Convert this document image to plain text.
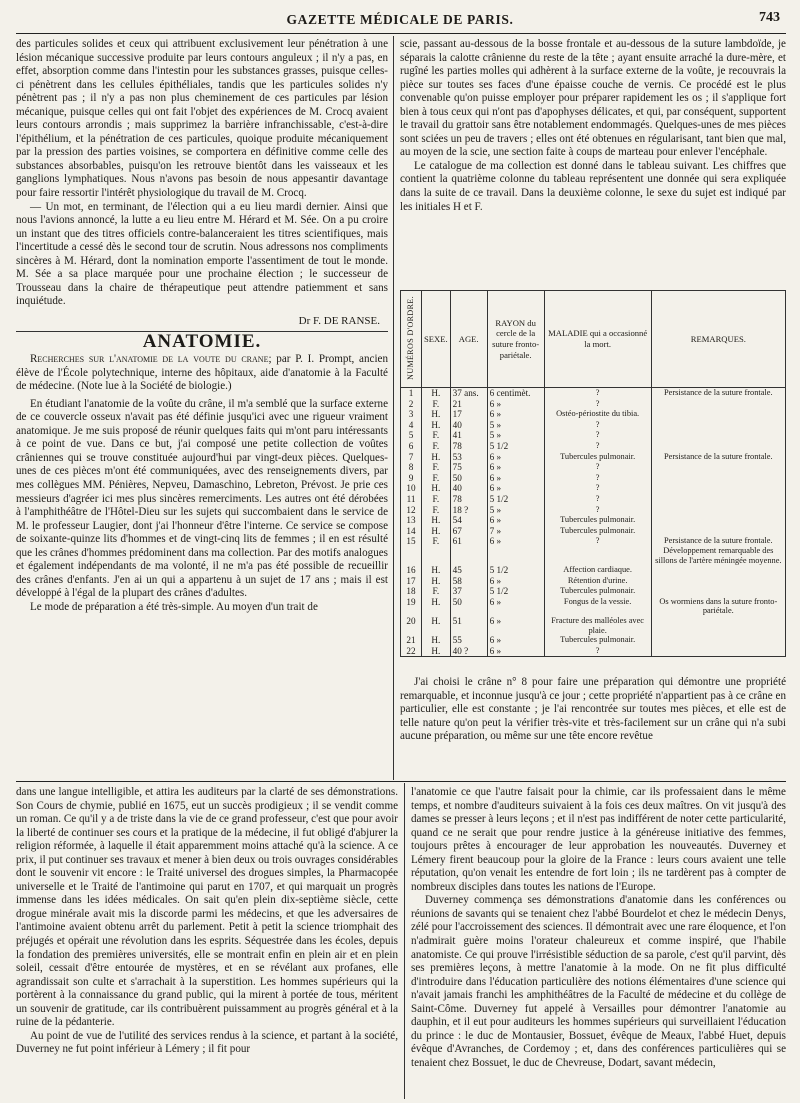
GAZETTE MÉDICALE DE PARIS.	743

des particules solides et ceux qui attribuent exclusivement leur pénétration à une lésion mécanique successive produite par leurs contours anguleux ; il n'y a pas, en effet, absorption comme dans l'intestin pour les substances grasses, puisque celles-ci pénètrent dans les cellules épithéliales, tandis que les particules solides n'y pénètrent pas ; il n'y a pas non plus cheminement de ces particules par lésion mécanique, puisque celles qui ont fait l'objet des expériences de M. Crocq avaient leurs contours arrondis ; mais supprimez la barrière infranchissable, c'est-à-dire l'épithélium, et la pénétration de ces particules, quoique produite mécaniquement par la pression des parties voisines, se comportera en définitive comme celle des substances absorbables, puisqu'on les retrouve bientôt dans les vaisseaux et les ganglions lymphatiques. Nous n'avons pas besoin de nous appesantir davantage pour faire ressortir l'intérêt physiologique du travail de M. Crocq.

— Un mot, en terminant, de l'élection qui a eu lieu mardi dernier. Ainsi que nous l'avions annoncé, la lutte a eu lieu entre M. Hérard et M. Sée. On a pu croire un instant que des titres officiels contre-balanceraient les titres scientifiques, mais l'incertitude a cessé dès le second tour de scrutin. Nous adressons nos compliments sincères à M. Hérard, dont la nomination emporte l'assentiment de tout le monde. M. Sée a sa place marquée pour une prochaine élection ; le successeur de Trousseau dans la chaire de thérapeutique peut attendre patiemment et sans inquiétude.

Dr F. DE RANSE.

ANATOMIE.

Recherches sur l'anatomie de la voute du crane; par P. I. Prompt, ancien élève de l'École polytechnique, interne des hôpitaux, aide d'anatomie à la Faculté de médecine. (Note lue à la Société de biologie.)

En étudiant l'anatomie de la voûte du crâne, il m'a semblé que la surface externe de ce couvercle osseux n'avait pas été définie jusqu'ici avec une rigueur vraiment anatomique. Je me suis proposé de réunir quelques faits qui m'ont paru intéressants à ce point de vue. Dans ce but, j'ai composé une petite collection de voûtes crâniennes qui se trouve constituée aujourd'hui par vingt-deux pièces. Quelques-unes de ces pièces m'ont été communiquées, avec des renseignements divers, par mes collègues MM. Pénières, Nepveu, Damaschino, Lebreton, Prévost. Je prie ces messieurs d'agréer ici mes plus sincères remerciments. Les autres ont été dérobées à l'amphithéâtre de l'Hôtel-Dieu sur les sujets qui succombaient dans le service de M. le professeur Laugier, dont j'ai l'honneur d'être l'interne. Ce service se compose de soixante-quinze lits d'hommes et de vingt-cinq lits de femmes ; il en est résulté que les crânes d'hommes prédominent dans ma collection. Par des motifs analogues et également indépendants de ma volonté, il ne m'a pas été possible de recueillir des crânes d'enfants. J'en ai un qui a appartenu à un sujet de 17 ans ; mais il est développé à l'égal de la plupart des crânes d'adultes.

Le mode de préparation a été très-simple. Au moyen d'un trait de

scie, passant au-dessous de la bosse frontale et au-dessous de la suture lambdoïde, je séparais la calotte crânienne du reste de la tête ; ayant ensuite arraché la dure-mère, et rugîné les parties molles qui adhèrent à la surface externe de la voûte, je recouvrais la pièce sur toutes ses faces d'une épaisse couche de vernis. Ce procédé est le plus convenable qu'on puisse employer pour préparer rapidement les os ; il s'applique fort bien à tous ceux qui n'ont pas d'apophyses délicates, et qui, par conséquent, supportent le travail du grattoir sans être notablement endommagés. Quelques-unes de mes pièces sont sciées un peu de travers ; elles ont été obtenues en régularisant, tant bien que mal, au moyen de la scie, une section faite à coups de marteau pour enlever l'encéphale.

Le catalogue de ma collection est donné dans le tableau suivant. Les chiffres que contient la quatrième colonne du tableau représentent une donnée qui sera expliquée dans la suite de ce travail. Dans la deuxième colonne, le sexe du sujet est indiqué par les initiales H et F.

NUMÉROS D'ORDRE.	SEXE.	AGE.	RAYON du cercle de la suture fronto-pariétale.	MALADIE qui a occasionné la mort.	REMARQUES.
1	H.	37 ans.	6 centimèt.	?	Persistance de la suture frontale.
2	F.	21	6 »	?	
3	H.	17	6 »	Ostéo-périostite du tibia.	
4	H.	40	5 »	?	
5	F.	41	5 »	?	
6	F.	78	5 1/2	?	
7	H.	53	6 »	Tubercules pulmonair.	Persistance de la suture frontale.
8	F.	75	6 »	?	
9	F.	50	6 »	?	
10	H.	40	6 »	?	
11	F.	78	5 1/2	?	
12	F.	18 ?	5 »	?	
13	H.	54	6 »	Tubercules pulmonair.	
14	H.	67	7 »	Tubercules pulmonair.	
15	F.	61	6 »	?	Persistance de la suture frontale. Développement remarquable des sillons de l'artère méningée moyenne.
16	H.	45	5 1/2	Affection cardiaque.	
17	H.	58	6 »	Rétention d'urine.	
18	F.	37	5 1/2	Tubercules pulmonair.	
19	H.	50	6 »	Fongus de la vessie.	Os wormiens dans la suture fronto-pariétale.
20	H.	51	6 »	Fracture des malléoles avec plaie.	
21	H.	55	6 »	Tubercules pulmonair.	
22	H.	40 ?	6 »	?	

J'ai choisi le crâne n° 8 pour faire une préparation qui démontre une propriété remarquable, et inconnue jusqu'à ce jour ; cette propriété n'appartient pas à ce crâne en particulier, elle est constante ; je l'ai rencontrée sur toutes mes pièces, et elle est de telle nature qu'on peut la vérifier très-vite et très-facilement sur un crâne qui n'a subi aucune préparation, ou même sur une tête encore revêtue

dans une langue intelligible, et attira les auditeurs par la clarté de ses démonstrations. Son Cours de chymie, publié en 1675, eut un succès prodigieux ; il se vendit comme un roman. Ce qu'il y a de triste dans la vie de ce grand professeur, c'est que pour avoir la liberté de continuer ses cours et la pratique de la médecine, il fut obligé d'abjurer la religion réformée, à laquelle il était apparemment moins attaché qu'à la science. A ce prix, il put continuer ses travaux et mener à bien deux ou trois ouvrages considérables dont le souvenir vit encore : le Traité universel des drogues simples, la Pharmacopée universelle et le Traité de l'antimoine qui parut en 1707, et qui marquait un progrès immense dans les idées médicales. On sait qu'en plein dix-septième siècle, cette drogue minérale avait mis la discorde parmi les médecins, et que les adversaires de l'antimoine avaient obtenu arrêt du parlement. Petit à petit la science triomphait des préjugés et opérait une révolution dans les esprits. Séquestrée dans les écoles, depuis la fondation des premières universités, elle se montrait enfin en plein air et en plein soleil, cessait d'être entourée de mystères, et en se révélant aux profanes, elle agrandissait son culte et s'arrachait à la superstition. Les hommes supérieurs qui la portèrent à la connaissance du grand public, qui la mirent à portée de tous, méritent un souvenir de gratitude, car ils contribuèrent puissamment au progrès général et à la ruine de la pédanterie.

Au point de vue de l'utilité des services rendus à la science, et partant à la société, Duverney ne fut point inférieur à Lémery ; il fit pour

l'anatomie ce que l'autre faisait pour la chimie, car ils professaient dans le même temps, et nombre d'auditeurs suivaient à la fois ces deux maîtres. On vit jusqu'à des dames se presser à leurs leçons ; et il n'est pas indifférent de noter cette particularité, quand ce ne serait que pour rendre justice à la généreuse initiative des femmes, toujours prêtes à encourager de leur approbation les nouveautés. Duverney et Lémery firent beaucoup pour la gloire de la France : leurs cours avaient une telle réputation, qu'on venait les entendre de fort loin ; ils ne tardèrent pas à compter de nombreux disciples dans toutes les nations de l'Europe.

Duverney commença ses démonstrations d'anatomie dans les conférences ou réunions de savants qui se tenaient chez l'abbé Bourdelot et chez le médecin Denys, zélé pour l'accroissement des sciences. Il démontrait avec une rare éloquence, et l'on n'admirait guère moins l'orateur chaleureux et comme inspiré, que l'habile anatomiste. Ce qui prouve l'irrésistible séduction de sa parole, c'est qu'il parvint, dès ses premières leçons, à mettre l'anatomie à la mode. On ne fit plus difficulté d'introduire dans l'éducation particulière des notions élémentaires d'une science qui n'avait jamais franchi les amphithéâtres de la Faculté de médecine et du collège de Saint-Côme. Duverney fut appelé à Versailles pour démontrer l'anatomie au dauphin, et il eut pour auditeurs les hommes supérieurs qui surveillaient l'éducation du prince : le duc de Montausier, Bossuet, évêque de Meaux, l'abbé Huet, depuis évêque d'Avranches, de Cordemoy ; et, dans des conférences particulières qui se tenaient chez Bossuet, le duc de Chevreuse, Dodart, savant médecin,
